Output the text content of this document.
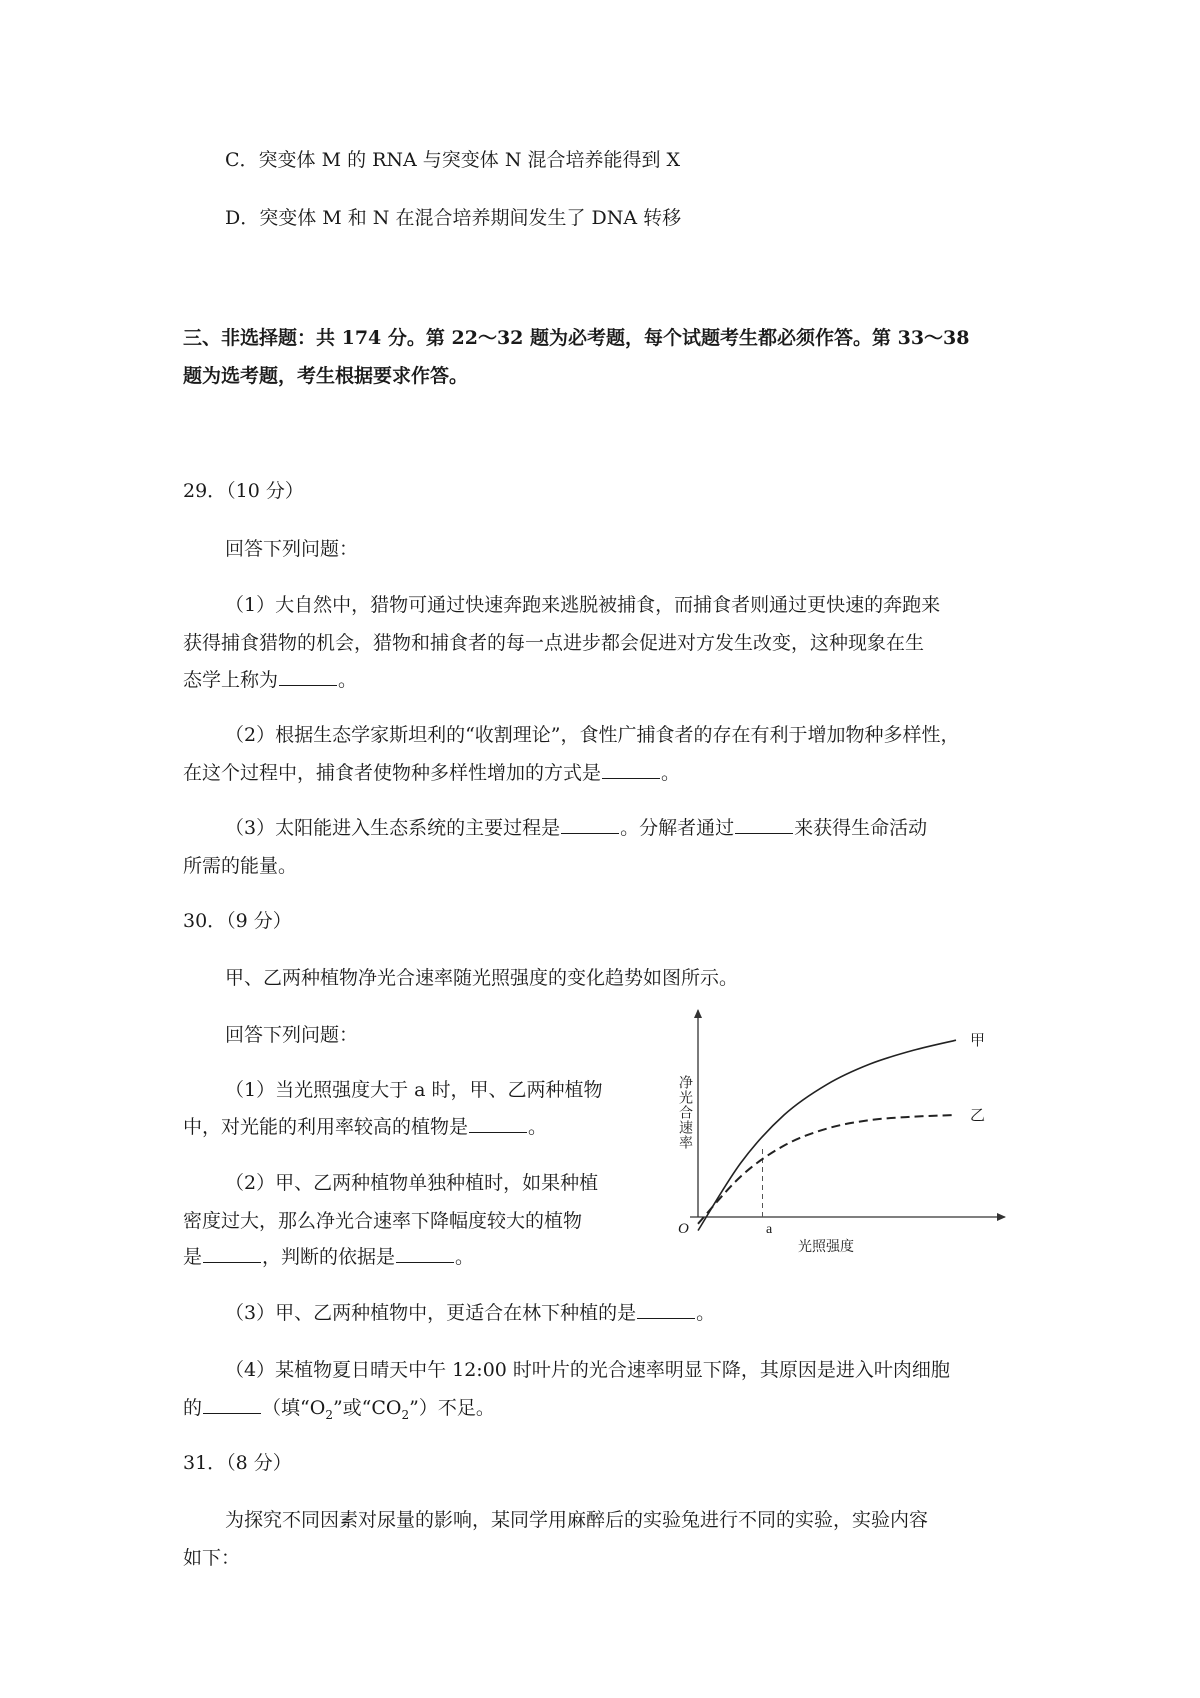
C．突变体 M 的 RNA 与突变体 N 混合培养能得到 X
D．突变体 M 和 N 在混合培养期间发生了 DNA 转移
三、非选择题：共 174 分。第 22～32 题为必考题，每个试题考生都必须作答。第 33～38
题为选考题，考生根据要求作答。
29．（10 分）
回答下列问题：
（1）大自然中，猎物可通过快速奔跑来逃脱被捕食，而捕食者则通过更快速的奔跑来
获得捕食猎物的机会，猎物和捕食者的每一点进步都会促进对方发生改变，这种现象在生
态学上称为	。
（2）根据生态学家斯坦利的“收割理论”，食性广捕食者的存在有利于增加物种多样性，
在这个过程中，捕食者使物种多样性增加的方式是	。
（3）太阳能进入生态系统的主要过程是	。分解者通过	来获得生命活动
所需的能量。
30．（9 分）
甲、乙两种植物净光合速率随光照强度的变化趋势如图所示。
回答下列问题：
（1）当光照强度大于 a 时，甲、乙两种植物
中，对光能的利用率较高的植物是	。
（2）甲、乙两种植物单独种植时，如果种植
密度过大，那么净光合速率下降幅度较大的植物
是	，判断的依据是	。
（3）甲、乙两种植物中，更适合在林下种植的是	。
（4）某植物夏日晴天中午 12:00 时叶片的光合速率明显下降，其原因是进入叶肉细胞
的	（填“$O_2$”或“$CO_2$”）不足。
31．（8 分）
为探究不同因素对尿量的影响，某同学用麻醉后的实验兔进行不同的实验，实验内容
如下：
O
净光合速率
光照强度
a
甲
乙
